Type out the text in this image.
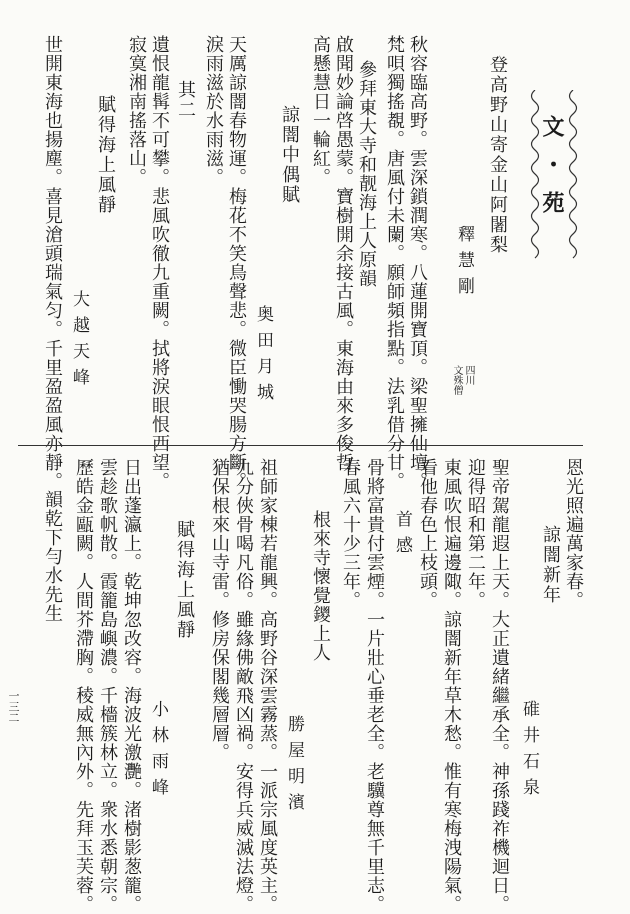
文・苑
登高野山寄金山阿闍梨
釋慧剛
四川
文殊僧
秋容臨高野。雲深鎖潤寒。八蓮開寶頂。梁聖擁仙壇。
梵唄獨搖覩。唐風付未闌。願師頻指點。法乳借分甘。
參拜東大寺和靓海上人原韻
啟聞妙論啓愚蒙。寶樹開余接古風。東海由來多俊哲
高懸慧日一輪紅。
諒闇中偶賦
奥田月城
天厲諒闇春物運。梅花不笑鳥聲悲。微臣慟哭腸方斷。
淚雨滋於水雨滋。
其二
遺恨龍髯不可攀。悲風吹徹九重闕。拭將淚眼恨西望。
寂寞湘南搖落山。
賦得海上風靜
大越天峰
世開東海也揚塵。喜見滄頭瑞氣匀。千里盈盈風亦靜。
恩光照遍萬家春。
諒闇新年
碓井石泉
聖帝駕龍遐上天。大正遺緒繼承全。神孫踐祚機迴日。
迎得昭和第二年。
東風吹恨遍邊陬。諒闇新年草木愁。惟有寒梅洩陽氣。
看他春色上枝頭。
首感
骨將富貴付雲煙。一片壯心垂老全。老驥尊無千里志。
春風六十少三年。
根來寺懷覺鑁上人
勝屋明濱
祖師家棟若龍興。高野谷深雲霧蒸。一派宗風度英主。
九分俠骨喝凡俗。雖緣佛敵飛凶禍。安得兵威滅法燈。
猶保根來山寺雷。修房保閣幾層層。
賦得海上風靜
小林雨峰
日出蓬瀛上。乾坤忽改容。海波光激灧。渚樹影葱籠。
雲趁歌帆散。霞籠島嶼濃。千檣簇林立。衆水悉朝宗。
歷皓金甌闕。人間芥滯胸。稜威無內外。先拜玉芙蓉。
韻乾下勻水先生
一三二
